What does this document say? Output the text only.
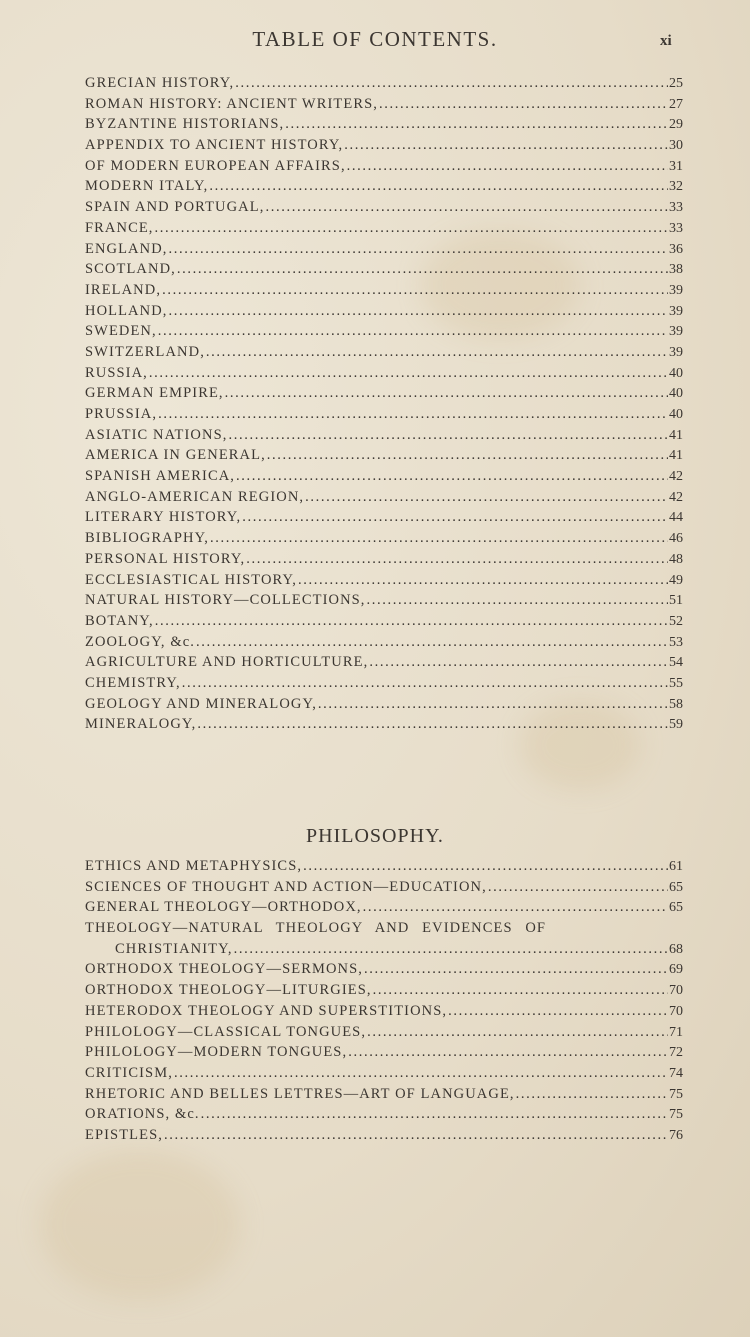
TABLE OF CONTENTS.	xi
GRECIAN HISTORY, . . .	25
ROMAN HISTORY: ANCIENT WRITERS, . . .	27
BYZANTINE HISTORIANS, . . .	29
APPENDIX TO ANCIENT HISTORY, . . .	30
OF MODERN EUROPEAN AFFAIRS, . . .	31
MODERN ITALY, . . .	32
SPAIN AND PORTUGAL, . . .	33
FRANCE, . . .	33
ENGLAND, . . .	36
SCOTLAND, . . .	38
IRELAND, . . .	39
HOLLAND, . . .	39
SWEDEN, . . .	39
SWITZERLAND, . . .	39
RUSSIA, . . .	40
GERMAN EMPIRE, . . .	40
PRUSSIA, . . .	40
ASIATIC NATIONS, . . .	41
AMERICA IN GENERAL, . . .	41
SPANISH AMERICA, . . .	42
ANGLO-AMERICAN REGION, . . .	42
LITERARY HISTORY, . . .	44
BIBLIOGRAPHY, . . .	46
PERSONAL HISTORY, . . .	48
ECCLESIASTICAL HISTORY, . . .	49
NATURAL HISTORY—COLLECTIONS, . . .	51
BOTANY, . . .	52
ZOOLOGY, &c. . . .	53
AGRICULTURE AND HORTICULTURE, . . .	54
CHEMISTRY, . . .	55
GEOLOGY AND MINERALOGY, . . .	58
MINERALOGY, . . .	59
PHILOSOPHY.
ETHICS AND METAPHYSICS, . . .	61
SCIENCES OF THOUGHT AND ACTION—EDUCATION, . . .	65
GENERAL THEOLOGY—ORTHODOX, . . .	65
THEOLOGY—NATURAL THEOLOGY AND EVIDENCES OF
CHRISTIANITY, . . .	68
ORTHODOX THEOLOGY—SERMONS, . . .	69
ORTHODOX THEOLOGY—LITURGIES, . . .	70
HETERODOX THEOLOGY AND SUPERSTITIONS, . . .	70
PHILOLOGY—CLASSICAL TONGUES, . . .	71
PHILOLOGY—MODERN TONGUES, . . .	72
CRITICISM, . . .	74
RHETORIC AND BELLES LETTRES—ART OF LANGUAGE, . . .	75
ORATIONS, &c. . . .	75
EPISTLES, . . .	76
